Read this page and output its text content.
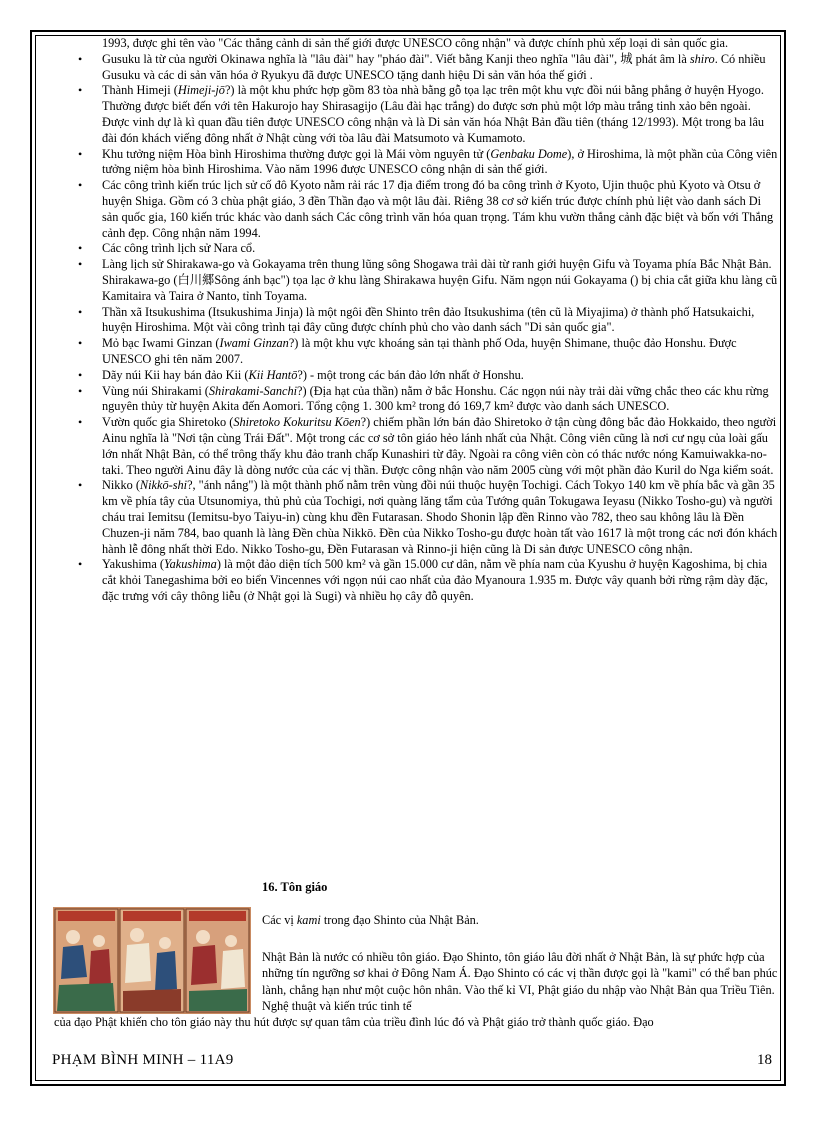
1993, được ghi tên vào "Các thắng cảnh di sản thế giới được UNESCO công nhận" và được chính phủ xếp loại di sản quốc gia.
• Gusuku là từ của người Okinawa nghĩa là "lâu đài" hay "pháo đài". Viết bằng Kanji theo nghĩa "lâu đài", 城 phát âm là shiro. Có nhiều Gusuku và các di sản văn hóa ở Ryukyu đã được UNESCO tặng danh hiệu Di sản văn hóa thế giới .
• Thành Himeji (Himeji-jō?) là một khu phức hợp gồm 83 tòa nhà bằng gỗ tọa lạc trên một khu vực đồi núi bằng phẳng ở huyện Hyogo. Thường được biết đến với tên Hakurojo hay Shirasagijo (Lâu đài hạc trắng) do được sơn phủ một lớp màu trắng tinh xảo bên ngoài. Được vinh dự là kì quan đầu tiên được UNESCO công nhận và là Di sản văn hóa Nhật Bản đầu tiên (tháng 12/1993). Một trong ba lâu đài đón khách viếng đông nhất ở Nhật cùng với tòa lâu đài Matsumoto và Kumamoto.
• Khu tưởng niệm Hòa bình Hiroshima thường được gọi là Mái vòm nguyên tử (Genbaku Dome), ở Hiroshima, là một phần của Công viên tưởng niệm hòa bình Hiroshima. Vào năm 1996 được UNESCO công nhận di sản thế giới.
• Các công trình kiến trúc lịch sử cố đô Kyoto nằm rải rác 17 địa điểm trong đó ba công trình ở Kyoto, Ujin thuộc phủ Kyoto và Otsu ở huyện Shiga. Gồm có 3 chùa phật giáo, 3 đền Thần đạo và một lâu đài. Riêng 38 cơ sở kiến trúc được chính phủ liệt vào danh sách Di sản quốc gia, 160 kiến trúc khác vào danh sách Các công trình văn hóa quan trọng. Tám khu vườn thắng cảnh đặc biệt và bốn với Thắng cảnh đẹp. Công nhận năm 1994.
• Các công trình lịch sử Nara cổ.
• Làng lịch sử Shirakawa-go và Gokayama trên thung lũng sông Shogawa trải dài từ ranh giới huyện Gifu và Toyama phía Bắc Nhật Bản. Shirakawa-go (白川郷Sông ánh bạc") tọa lạc ở khu làng Shirakawa huyện Gifu. Năm ngọn núi Gokayama () bị chia cắt giữa khu làng cũ Kamitaira và Taira ở Nanto, tỉnh Toyama.
• Thần xã Itsukushima (Itsukushima Jinja) là một ngôi đền Shinto trên đảo Itsukushima (tên cũ là Miyajima) ở thành phố Hatsukaichi, huyện Hiroshima. Một vài công trình tại đây cũng được chính phủ cho vào danh sách "Di sản quốc gia".
• Mỏ bạc Iwami Ginzan (Iwami Ginzan?) là một khu vực khoáng sản tại thành phố Oda, huyện Shimane, thuộc đảo Honshu. Được UNESCO ghi tên năm 2007.
• Dãy núi Kii hay bán đảo Kii (Kii Hantō?) - một trong các bán đảo lớn nhất ở Honshu.
• Vùng núi Shirakami (Shirakami-Sanchi?) (Địa hạt của thần) nằm ở bắc Honshu. Các ngọn núi này trải dài vững chắc theo các khu rừng nguyên thủy từ huyện Akita đến Aomori. Tổng cộng 1. 300 km² trong đó 169,7 km² được vào danh sách UNESCO.
• Vườn quốc gia Shiretoko (Shiretoko Kokuritsu Kōen?) chiếm phần lớn bán đảo Shiretoko ở tận cùng đông bắc đảo Hokkaido, theo người Ainu nghĩa là "Nơi tận cùng Trái Đất". Một trong các cơ sở tôn giáo hẻo lánh nhất của Nhật. Công viên cũng là nơi cư ngụ của loài gấu lớn nhất Nhật Bản, có thể trông thấy khu đảo tranh chấp Kunashiri từ đây. Ngoài ra công viên còn có thác nước nóng Kamuiwakka-no-taki. Theo người Ainu đây là dòng nước của các vị thần. Được công nhận vào năm 2005 cùng với một phần đảo Kuril do Nga kiểm soát.
• Nikko (Nikkō-shi?, "ánh nắng") là một thành phố nằm trên vùng đồi núi thuộc huyện Tochigi. Cách Tokyo 140 km về phía bắc và gần 35 km về phía tây của Utsunomiya, thủ phủ của Tochigi, nơi quàng lăng tẩm của Tướng quân Tokugawa Ieyasu (Nikko Tosho-gu) và người cháu trai Iemitsu (Iemitsu-byo Taiyu-in) cùng khu đền Futarasan. Shodo Shonin lập đền Rinno vào 782, theo sau không lâu là Đền Chuzen-ji năm 784, bao quanh là làng Đền chùa Nikkō. Đền của Nikko Tosho-gu được hoàn tất vào 1617 là một trong các nơi đón khách hành lễ đông nhất thời Edo. Nikko Tosho-gu, Đền Futarasan và Rinno-ji hiện cũng là Di sản được UNESCO công nhận.
• Yakushima (Yakushima) là một đảo diện tích 500 km² và gần 15.000 cư dân, nằm về phía nam của Kyushu ở huyện Kagoshima, bị chia cắt khỏi Tanegashima bởi eo biển Vincennes với ngọn núi cao nhất của đảo Myanoura 1.935 m. Được vây quanh bởi rừng rậm dày đặc, đặc trưng với cây thông liễu (ở Nhật gọi là Sugi) và nhiều họ cây đỗ quyên.
16. Tôn giáo
Các vị kami trong đạo Shinto của Nhật Bản.
Nhật Bản là nước có nhiều tôn giáo. Đạo Shinto, tôn giáo lâu đời nhất ở Nhật Bản, là sự phức hợp của những tín ngưỡng sơ khai ở Đông Nam Á. Đạo Shinto có các vị thần được gọi là "kami" có thể ban phúc lành, chẳng hạn như một cuộc hôn nhân. Vào thế kỉ VI, Phật giáo du nhập vào Nhật Bản qua Triều Tiên. Nghệ thuật và kiến trúc tinh tế
của đạo Phật khiến cho tôn giáo này thu hút được sự quan tâm của triều đình lúc đó và Phật giáo trở thành quốc giáo. Đạo
PHẠM BÌNH MINH – 11A9	18
